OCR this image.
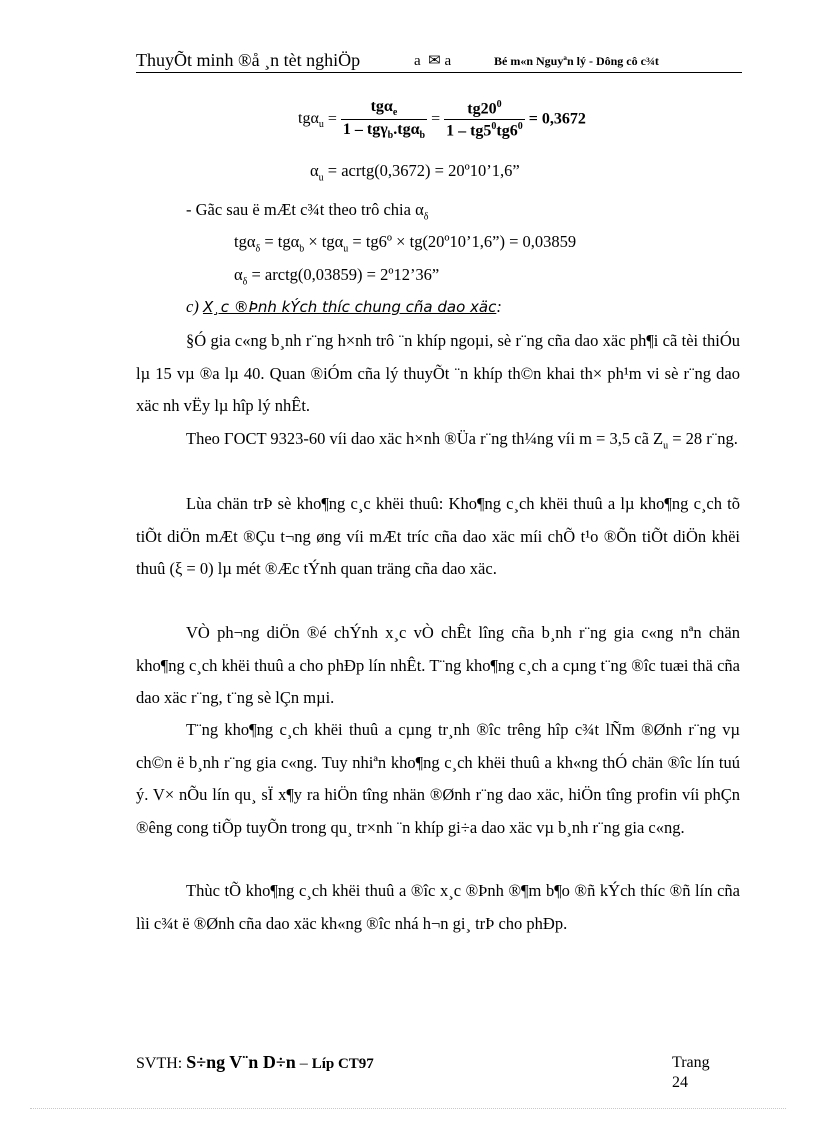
ThuyÕt minh ®å ¸n tèt nghiÖp	a ✉ a	Bé m«n Nguyªn lý - Dông cô c¾t
$tg\alpha_u = \frac{tg\alpha_e}{1 - tg\gamma_b.tg\alpha_b} = \frac{tg20^0}{1 - tg5^0tg6^0} = 0,3672$
$\alpha_u$ = acrtg(0,3672) = 20º10’1,6”
- Gãc sau ë mÆt c¾t theo trô chia $\alpha_\delta$
tgα$_\delta$ = tgα$_b$ × tgα$_u$ = tg6º × tg(20º10’1,6”) = 0,03859
$\alpha_\delta$ = arctg(0,03859) = 2º12’36”
c) X¸c ®Þnh kÝch thíc chung cña dao xäc:
§Ó gia c«ng b¸nh r¨ng h×nh trô ¨n khíp ngoµi, sè r¨ng cña dao xäc ph¶i cã tèi thiÓu lµ 15 vµ ®a lµ 40. Quan ®iÓm cña lý thuyÕt ¨n khíp th©n khai th× ph¹m vi sè r¨ng dao xäc nh vËy lµ hîp lý nhÊt.
Theo ГOCT 9323-60 víi dao xäc h×nh ®Üa r¨ng th¼ng víi m = 3,5 cã $Z_u = 28$ r¨ng.
Lùa chän trÞ sè kho¶ng c¸c khëi thuû: Kho¶ng c¸ch khëi thuû a lµ kho¶ng c¸ch tõ tiÕt diÖn mÆt ®Çu t¬ng øng víi mÆt tríc cña dao xäc míi chÕ t¹o ®Õn tiÕt diÖn khëi thuû (ξ = 0) lµ mét ®Æc tÝnh quan träng cña dao xäc.
VÒ ph¬ng diÖn ®é chÝnh x¸c vÒ chÊt lîng cña b¸nh r¨ng gia c«ng nªn chän kho¶ng c¸ch khëi thuû a cho phÐp lín nhÊt. T¨ng kho¶ng c¸ch a cµng t¨ng ®îc tuæi thä cña dao xäc r¨ng, t¨ng sè lÇn mµi.
T¨ng kho¶ng c¸ch khëi thuû a cµng tr¸nh ®îc trêng hîp c¾t lÑm ®Ønh r¨ng vµ ch©n ë b¸nh r¨ng gia c«ng. Tuy nhiªn kho¶ng c¸ch khëi thuû a kh«ng thÓ chän ®îc lín tuú ý. V× nÕu lín qu¸ sÏ x¶y ra hiÖn tîng nhän ®Ønh r¨ng dao xäc, hiÖn tîng profin víi phÇn ®êng cong tiÕp tuyÕn trong qu¸ tr×nh ¨n khíp gi÷a dao xäc vµ b¸nh r¨ng gia c«ng.
Thùc tÕ kho¶ng c¸ch khëi thuû a ®îc x¸c ®Þnh ®¶m b¶o ®ñ kÝch thíc ®ñ lín cña lìi c¾t ë ®Ønh cña dao xäc kh«ng ®îc nhá h¬n gi¸ trÞ cho phÐp.
SVTH: S÷ng V¨n D÷n – Líp CT97	Trang
24
